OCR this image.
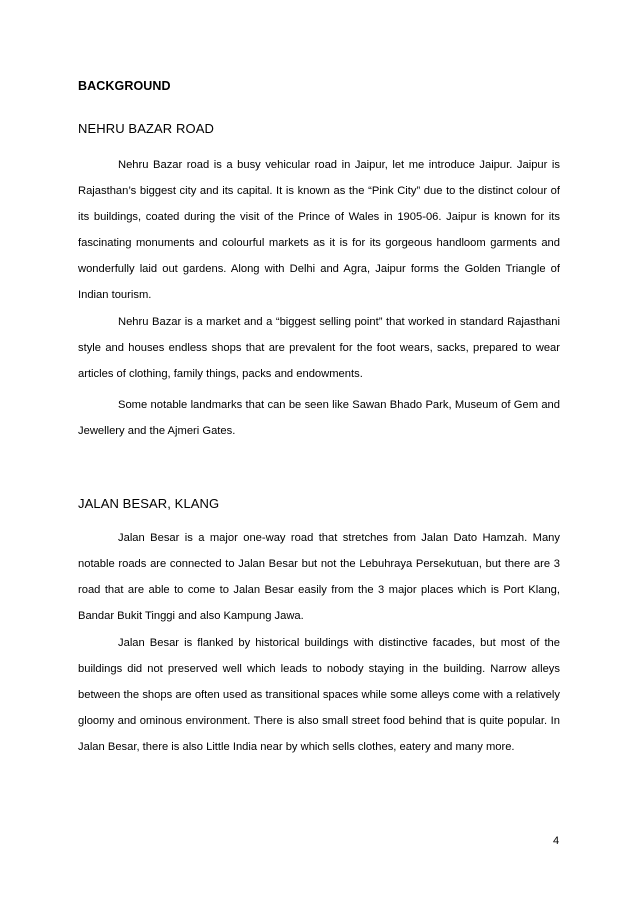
BACKGROUND
NEHRU BAZAR ROAD

Nehru Bazar road is a busy vehicular road in Jaipur, let me introduce Jaipur. Jaipur is Rajasthan’s biggest city and its capital. It is known as the “Pink City” due to the distinct colour of its buildings, coated during the visit of the Prince of Wales in 1905-06. Jaipur is known for its fascinating monuments and colourful markets as it is for its gorgeous handloom garments and wonderfully laid out gardens. Along with Delhi and Agra, Jaipur forms the Golden Triangle of Indian tourism.

Nehru Bazar is a market and a “biggest selling point” that worked in standard Rajasthani style and houses endless shops that are prevalent for the foot wears, sacks, prepared to wear articles of clothing, family things, packs and endowments.

Some notable landmarks that can be seen like Sawan Bhado Park, Museum of Gem and Jewellery and the Ajmeri Gates.

JALAN BESAR, KLANG

Jalan Besar is a major one-way road that stretches from Jalan Dato Hamzah. Many notable roads are connected to Jalan Besar but not the Lebuhraya Persekutuan, but there are 3 road that are able to come to Jalan Besar easily from the 3 major places which is Port Klang, Bandar Bukit Tinggi and also Kampung Jawa.

Jalan Besar is flanked by historical buildings with distinctive facades, but most of the buildings did not preserved well which leads to nobody staying in the building. Narrow alleys between the shops are often used as transitional spaces while some alleys come with a relatively gloomy and ominous environment. There is also small street food behind that is quite popular. In Jalan Besar, there is also Little India near by which sells clothes, eatery and many more.

4
